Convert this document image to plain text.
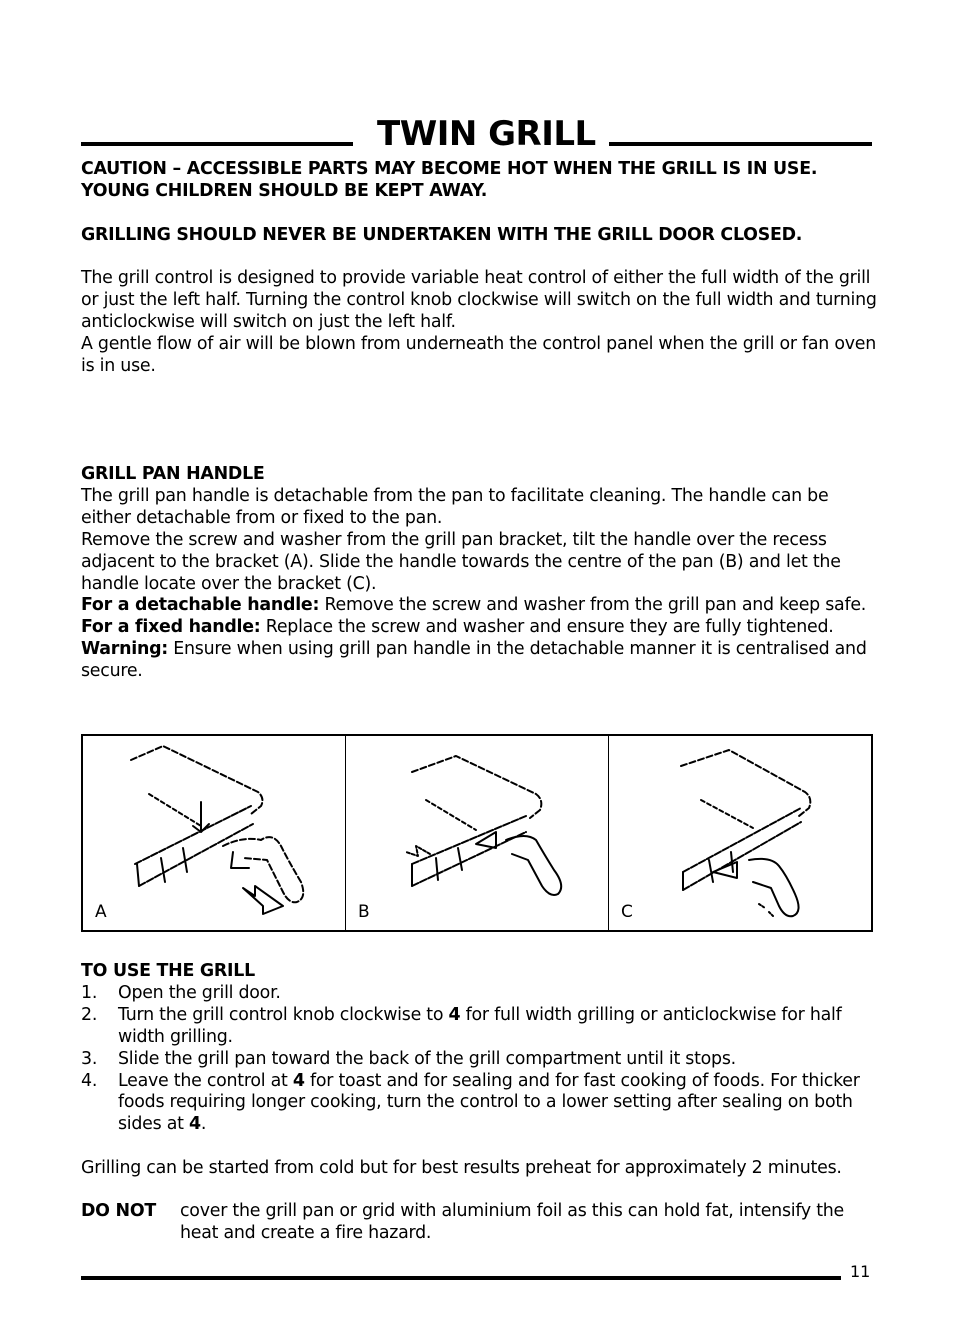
TWIN GRILL

CAUTION – ACCESSIBLE PARTS MAY BECOME HOT WHEN THE GRILL IS IN USE.

YOUNG CHILDREN SHOULD BE KEPT AWAY.

GRILLING SHOULD NEVER BE UNDERTAKEN WITH THE GRILL DOOR CLOSED.

The grill control is designed to provide variable heat control of either the full width of the grill or just the left half. Turning the control knob clockwise will switch on the full width and turning anticlockwise will switch on just the left half.

A gentle flow of air will be blown from underneath the control panel when the grill or fan oven is in use.

GRILL PAN HANDLE

The grill pan handle is detachable from the pan to facilitate cleaning. The handle can be either detachable from or fixed to the pan.

Remove the screw and washer from the grill pan bracket, tilt the handle over the recess adjacent to the bracket (A). Slide the handle towards the centre of the pan (B) and let the handle locate over the bracket (C).

For a detachable handle: Remove the screw and washer from the grill pan and keep safe.

For a fixed handle: Replace the screw and washer and ensure they are fully tightened.

Warning: Ensure when using grill pan handle in the detachable manner it is centralised and secure.

A	B	C

TO USE THE GRILL

1.	Open the grill door.
2.	Turn the grill control knob clockwise to 4 for full width grilling or anticlockwise for half width grilling.
3.	Slide the grill pan toward the back of the grill compartment until it stops.
4.	Leave the control at 4 for toast and for sealing and for fast cooking of foods. For thicker foods requiring longer cooking, turn the control to a lower setting after sealing on both sides at 4.

Grilling can be started from cold but for best results preheat for approximately 2 minutes.

DO NOT	cover the grill pan or grid with aluminium foil as this can hold fat, intensify the heat and create a fire hazard.
11
